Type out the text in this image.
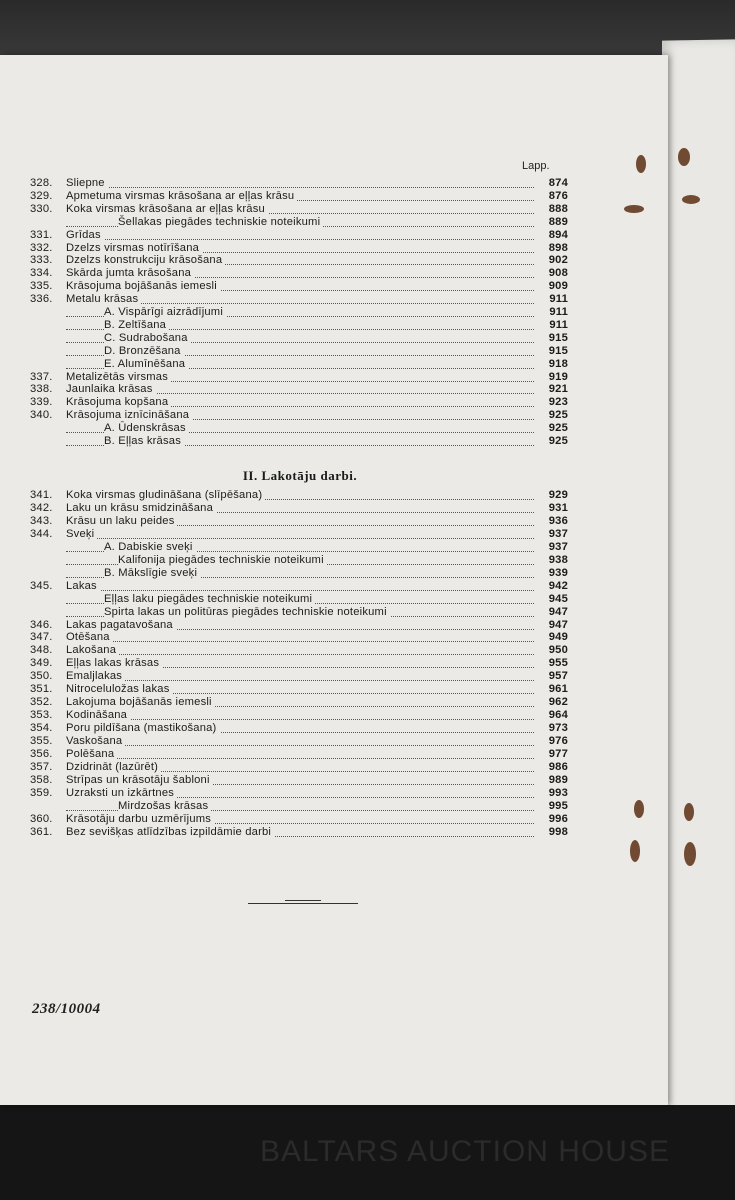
BALTARS AUCTION HOUSE
Lapp.
328.	Sliepne	874
329.	Apmetuma virsmas krāsošana ar eļļas krāsu	876
330.	Koka virsmas krāsošana ar eļļas krāsu	888
Šellakas piegādes techniskie noteikumi	889
331.	Grīdas	894
332.	Dzelzs virsmas notīrīšana	898
333.	Dzelzs konstrukciju krāsošana	902
334.	Skārda jumta krāsošana	908
335.	Krāsojuma bojāšanās iemesli	909
336.	Metalu krāsas	911
A. Vispārīgi aizrādījumi	911
B. Zeltīšana	911
C. Sudrabošana	915
D. Bronzēšana	915
E. Alumīnēšana	918
337.	Metalizētās virsmas	919
338.	Jaunlaika krāsas	921
339.	Krāsojuma kopšana	923
340.	Krāsojuma iznīcināšana	925
A. Ūdenskrāsas	925
B. Eļļas krāsas	925
II. Lakotāju darbi.
341.	Koka virsmas gludināšana (slīpēšana)	929
342.	Laku un krāsu smidzināšana	931
343.	Krāsu un laku peides	936
344.	Sveķi	937
A. Dabiskie sveķi	937
Kalifonija piegādes techniskie noteikumi	938
B. Mākslīgie sveķi	939
345.	Lakas	942
Eļļas laku piegādes techniskie noteikumi	945
Spirta lakas un politūras piegādes techniskie noteikumi	947
346.	Lakas pagatavošana	947
347.	Otēšana	949
348.	Lakošana	950
349.	Eļļas lakas krāsas	955
350.	Emaljlakas	957
351.	Nitroceluložas lakas	961
352.	Lakojuma bojāšanās iemesli	962
353.	Kodināšana	964
354.	Poru pildīšana (mastikošana)	973
355.	Vaskošana	976
356.	Polēšana	977
357.	Dzidrināt (lazūrēt)	986
358.	Strīpas un krāsotāju šabloni	989
359.	Uzraksti un izkārtnes	993
Mirdzošas krāsas	995
360.	Krāsotāju darbu uzmērījums	996
361.	Bez sevišķas atlīdzības izpildāmie darbi	998
238/10004
